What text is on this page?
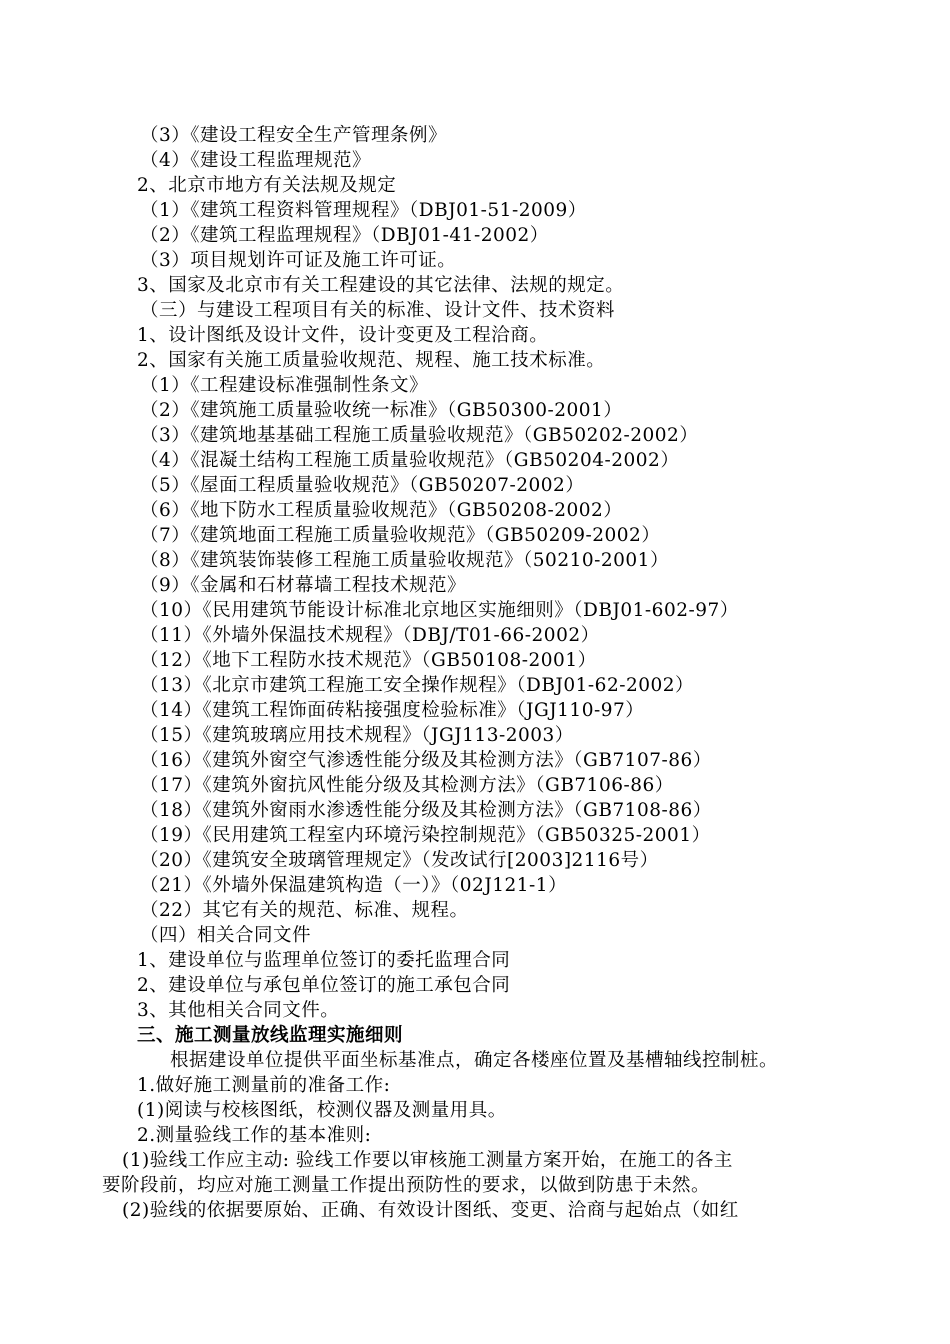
（3）《建设工程安全生产管理条例》
（4）《建设工程监理规范》
2、北京市地方有关法规及规定
（1）《建筑工程资料管理规程》（DBJ01-51-2009）
（2）《建筑工程监理规程》（DBJ01-41-2002）
（3）项目规划许可证及施工许可证。
3、国家及北京市有关工程建设的其它法律、法规的规定。
（三）与建设工程项目有关的标准、设计文件、技术资料
1、设计图纸及设计文件，设计变更及工程洽商。
2、国家有关施工质量验收规范、规程、施工技术标准。
（1）《工程建设标准强制性条文》
（2）《建筑施工质量验收统一标准》（GB50300-2001）
（3）《建筑地基基础工程施工质量验收规范》（GB50202-2002）
（4）《混凝土结构工程施工质量验收规范》（GB50204-2002）
（5）《屋面工程质量验收规范》（GB50207-2002）
（6）《地下防水工程质量验收规范》（GB50208-2002）
（7）《建筑地面工程施工质量验收规范》（GB50209-2002）
（8）《建筑装饰装修工程施工质量验收规范》（50210-2001）
（9）《金属和石材幕墙工程技术规范》
（10）《民用建筑节能设计标准北京地区实施细则》（DBJ01-602-97）
（11）《外墙外保温技术规程》（DBJ/T01-66-2002）
（12）《地下工程防水技术规范》（GB50108-2001）
（13）《北京市建筑工程施工安全操作规程》（DBJ01-62-2002）
（14）《建筑工程饰面砖粘接强度检验标准》（JGJ110-97）
（15）《建筑玻璃应用技术规程》（JGJ113-2003）
（16）《建筑外窗空气渗透性能分级及其检测方法》（GB7107-86）
（17）《建筑外窗抗风性能分级及其检测方法》（GB7106-86）
（18）《建筑外窗雨水渗透性能分级及其检测方法》（GB7108-86）
（19）《民用建筑工程室内环境污染控制规范》（GB50325-2001）
（20）《建筑安全玻璃管理规定》（发改试行[2003]2116号）
（21）《外墙外保温建筑构造（一）》（02J121-1）
（22）其它有关的规范、标准、规程。
（四）相关合同文件
1、建设单位与监理单位签订的委托监理合同
2、建设单位与承包单位签订的施工承包合同
3、其他相关合同文件。
三、施工测量放线监理实施细则
根据建设单位提供平面坐标基准点，确定各楼座位置及基槽轴线控制桩。
1.做好施工测量前的准备工作:
(1)阅读与校核图纸，校测仪器及测量用具。
2.测量验线工作的基本准则:
(1)验线工作应主动: 验线工作要以审核施工测量方案开始，在施工的各主
要阶段前，均应对施工测量工作提出预防性的要求，以做到防患于未然。
(2)验线的依据要原始、正确、有效设计图纸、变更、洽商与起始点（如红
